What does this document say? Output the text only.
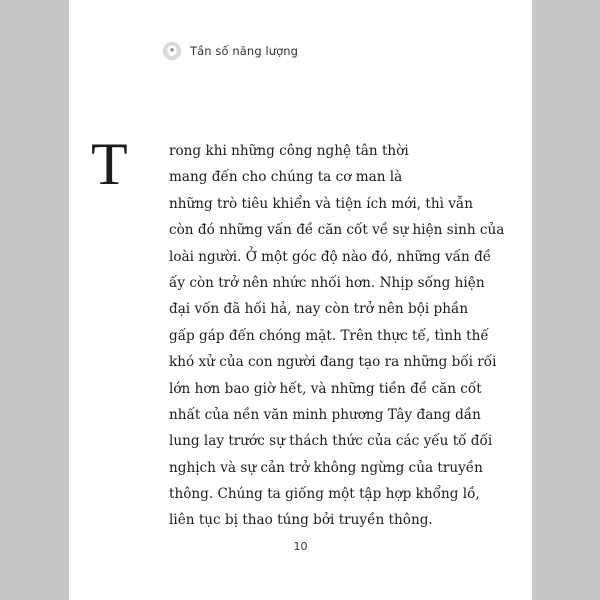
Tần số năng lượng
T	rong khi những công nghệ tân thời
mang đến cho chúng ta cơ man là
những trò tiêu khiển và tiện ích mới, thì vẫn
còn đó những vấn đề căn cốt về sự hiện sinh của
loài người. Ở một góc độ nào đó, những vấn đề
ấy còn trở nên nhức nhối hơn. Nhịp sống hiện
đại vốn đã hối hả, nay còn trở nên bội phần
gấp gáp đến chóng mặt. Trên thực tế, tình thế
khó xử của con người đang tạo ra những bối rối
lớn hơn bao giờ hết, và những tiền đề căn cốt
nhất của nền văn minh phương Tây đang dần
lung lay trước sự thách thức của các yếu tố đối
nghịch và sự cản trở không ngừng của truyền
thông. Chúng ta giống một tập hợp khổng lồ,
liên tục bị thao túng bởi truyền thông.
10
